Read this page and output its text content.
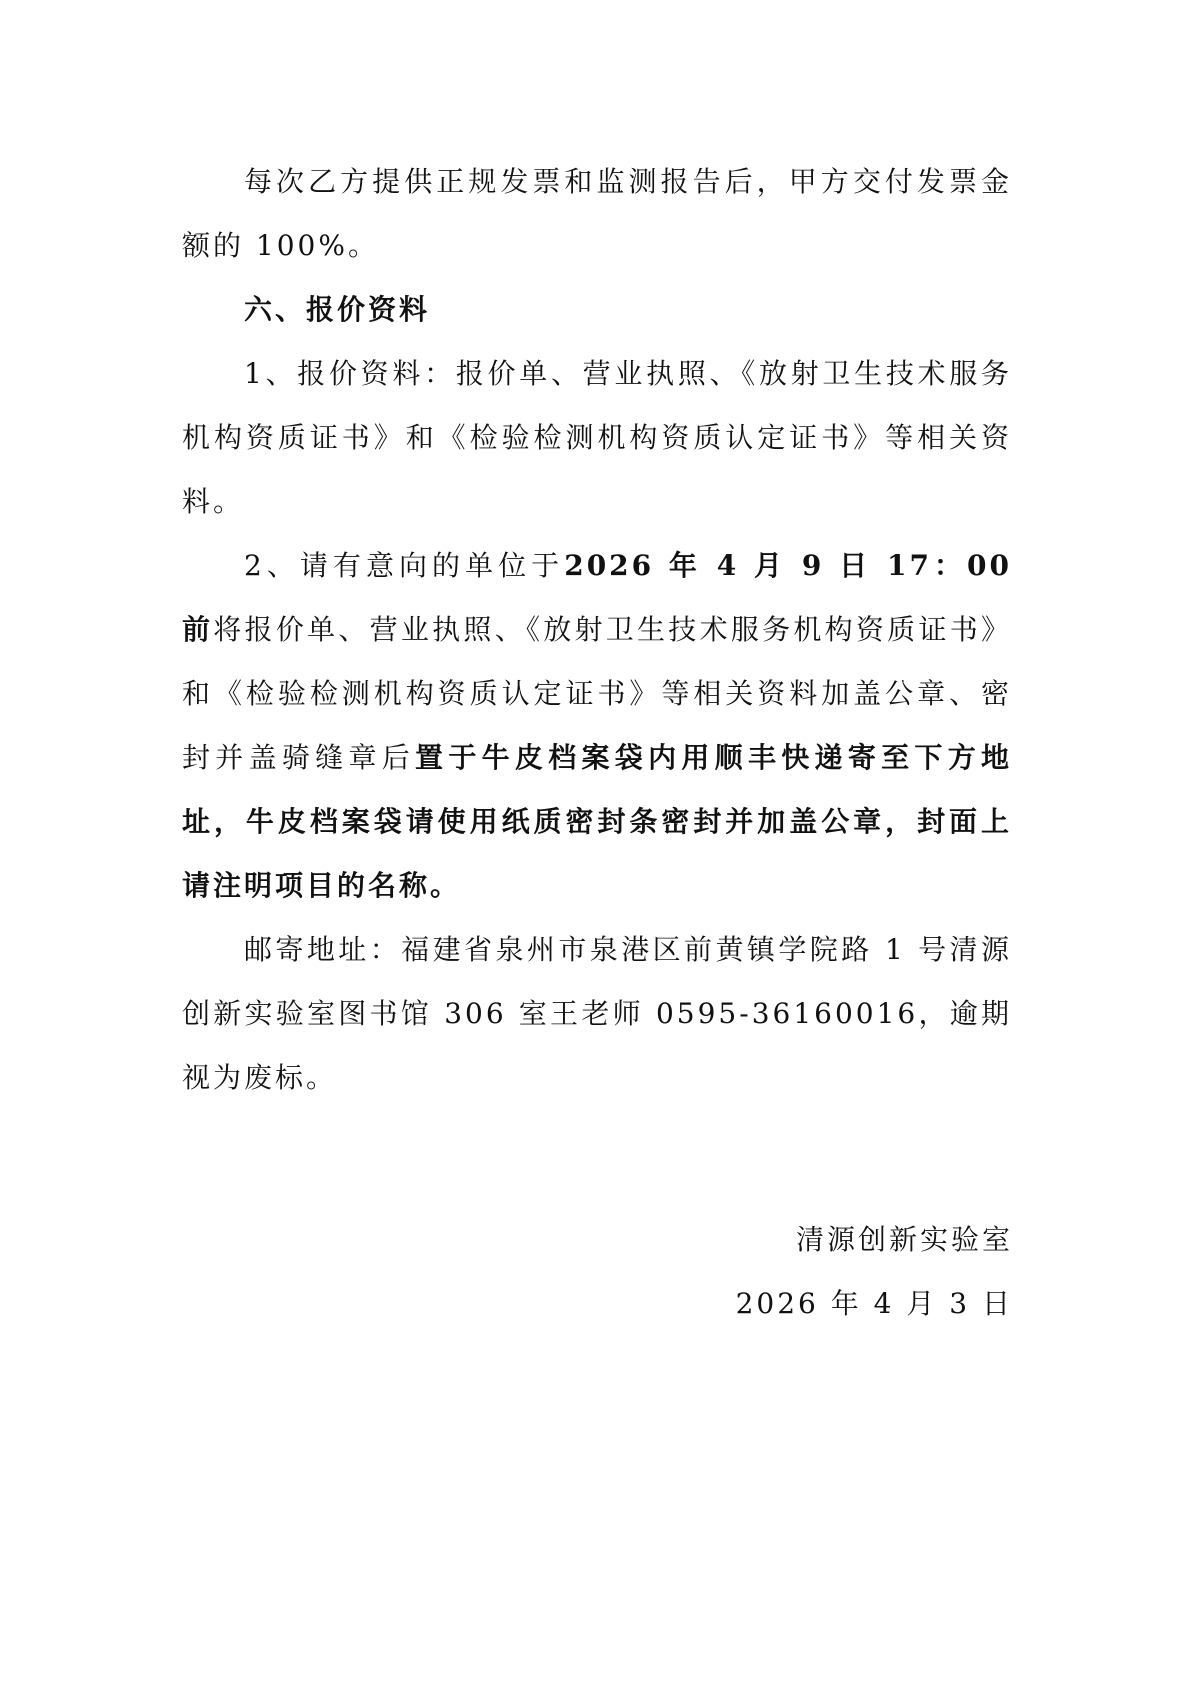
每次乙方提供正规发票和监测报告后，甲方交付发票金额的 100%。

六、报价资料

1、报价资料：报价单、营业执照、《放射卫生技术服务机构资质证书》和《检验检测机构资质认定证书》等相关资料。

2、请有意向的单位于2026 年 4 月 9 日 17：00 前将报价单、营业执照、《放射卫生技术服务机构资质证书》和《检验检测机构资质认定证书》等相关资料加盖公章、密封并盖骑缝章后置于牛皮档案袋内用顺丰快递寄至下方地址，牛皮档案袋请使用纸质密封条密封并加盖公章，封面上请注明项目的名称。

邮寄地址：福建省泉州市泉港区前黄镇学院路 1 号清源创新实验室图书馆 306 室王老师 0595-36160016，逾期视为废标。

清源创新实验室

2026 年 4 月 3 日
